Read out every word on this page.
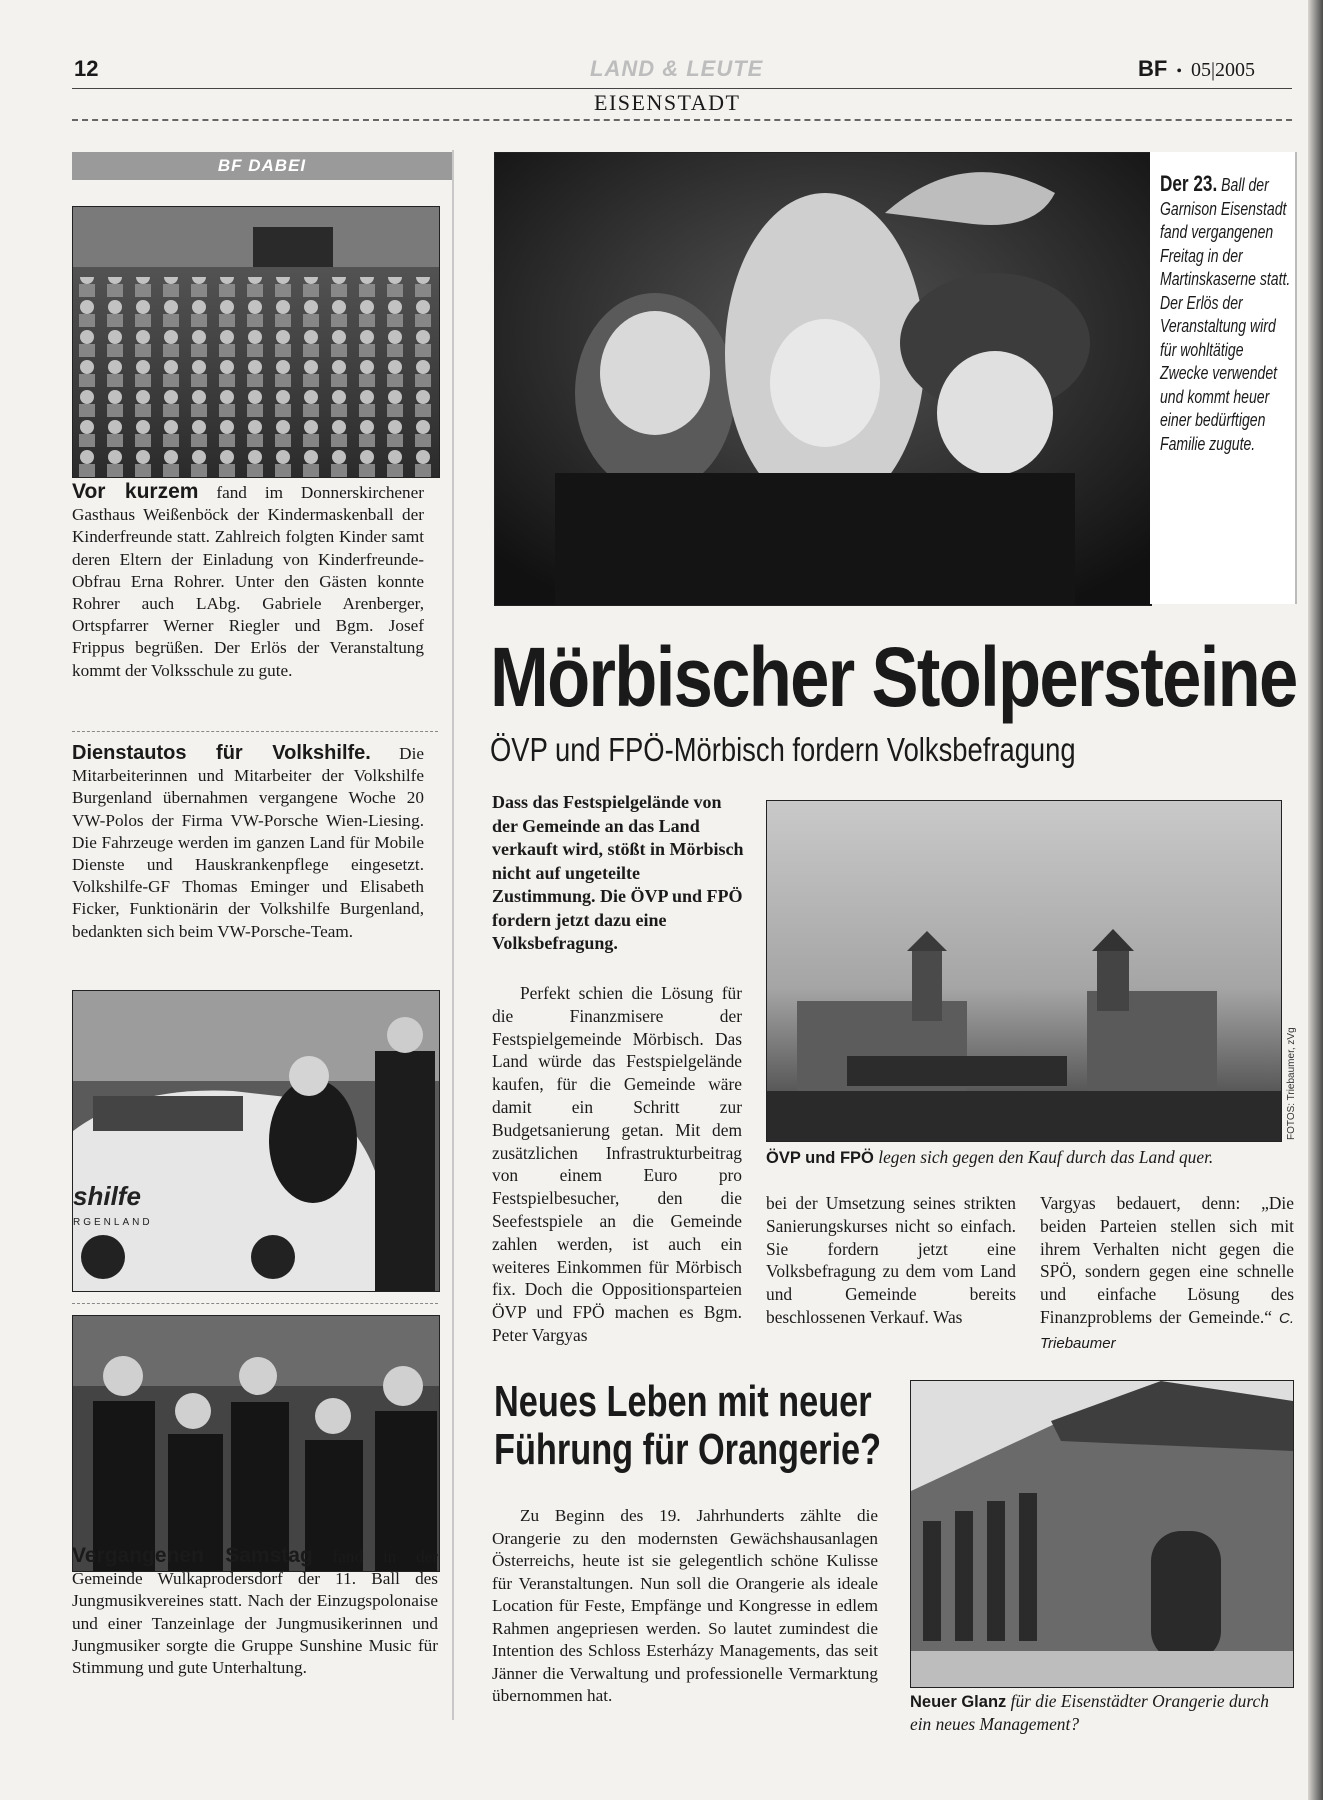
12	LAND & LEUTE
EISENSTADT
BF  •  05|2005
BF DABEI
Vor kurzem fand im Donnerskirchener Gasthaus Weißenböck der Kindermaskenball der Kinderfreunde statt. Zahlreich folgten Kinder samt deren Eltern der Einladung von Kinderfreunde-Obfrau Erna Rohrer. Unter den Gästen konnte Rohrer auch LAbg. Gabriele Arenberger, Ortspfarrer Werner Riegler und Bgm. Josef Frippus begrüßen. Der Erlös der Veranstaltung kommt der Volksschule zu gute.
Dienstautos für Volkshilfe. Die Mitarbeiterinnen und Mitarbeiter der Volkshilfe Burgenland übernahmen vergangene Woche 20 VW-Polos der Firma VW-Porsche Wien-Liesing. Die Fahrzeuge werden im ganzen Land für Mobile Dienste und Hauskrankenpflege eingesetzt. Volkshilfe-GF Thomas Eminger und Elisabeth Ficker, Funktionärin der Volkshilfe Burgenland, bedankten sich beim VW-Porsche-Team.
shilfe
RGENLAND
Vergangenen Samstag fand in der Gemeinde Wulkaprodersdorf der 11. Ball des Jungmusikvereines statt. Nach der Einzugspolonaise und einer Tanzeinlage der Jungmusikerinnen und Jungmusiker sorgte die Gruppe Sunshine Music für Stimmung und gute Unterhaltung.
Der 23. Ball der Garnison Eisenstadt fand vergangenen Freitag in der Martinskaserne statt. Der Erlös der Veranstaltung wird für wohltätige Zwecke verwendet und kommt heuer einer bedürftigen Familie zugute.
Mörbischer Stolpersteine
ÖVP und FPÖ-Mörbisch fordern Volksbefragung
Dass das Festspielgelände von der Gemeinde an das Land verkauft wird, stößt in Mörbisch nicht auf ungeteilte Zustimmung. Die ÖVP und FPÖ fordern jetzt dazu eine Volksbefragung.
FOTOS: Triebaumer, zVg
ÖVP und FPÖ legen sich gegen den Kauf durch das Land quer.
Perfekt schien die Lösung für die Finanzmisere der Festspielgemeinde Mörbisch. Das Land würde das Festspielgelände kaufen, für die Gemeinde wäre damit ein Schritt zur Budgetsanierung getan. Mit dem zusätzlichen Infrastrukturbeitrag von einem Euro pro Festspielbesucher, den die Seefestspiele an die Gemeinde zahlen werden, ist auch ein weiteres Einkommen für Mörbisch fix. Doch die Oppositionsparteien ÖVP und FPÖ machen es Bgm. Peter Vargyas
bei der Umsetzung seines strikten Sanierungskurses nicht so einfach. Sie fordern jetzt eine Volksbefragung zu dem vom Land und Gemeinde bereits beschlossenen Verkauf. Was
Vargyas bedauert, denn: „Die beiden Parteien stellen sich mit ihrem Verhalten nicht gegen die SPÖ, sondern gegen eine schnelle und einfache Lösung des Finanzproblems der Gemeinde.“ C. Triebaumer
Neues Leben mit neuer
Führung für Orangerie?
Zu Beginn des 19. Jahrhunderts zählte die Orangerie zu den modernsten Gewächshausanlagen Österreichs, heute ist sie gelegentlich schöne Kulisse für Veranstaltungen. Nun soll die Orangerie als ideale Location für Feste, Empfänge und Kongresse in edlem Rahmen angepriesen werden. So lautet zumindest die Intention des Schloss Esterházy Managements, das seit Jänner die Verwaltung und professionelle Vermarktung übernommen hat.	Neuer Glanz für die Eisenstädter Orangerie durch ein neues Management?
